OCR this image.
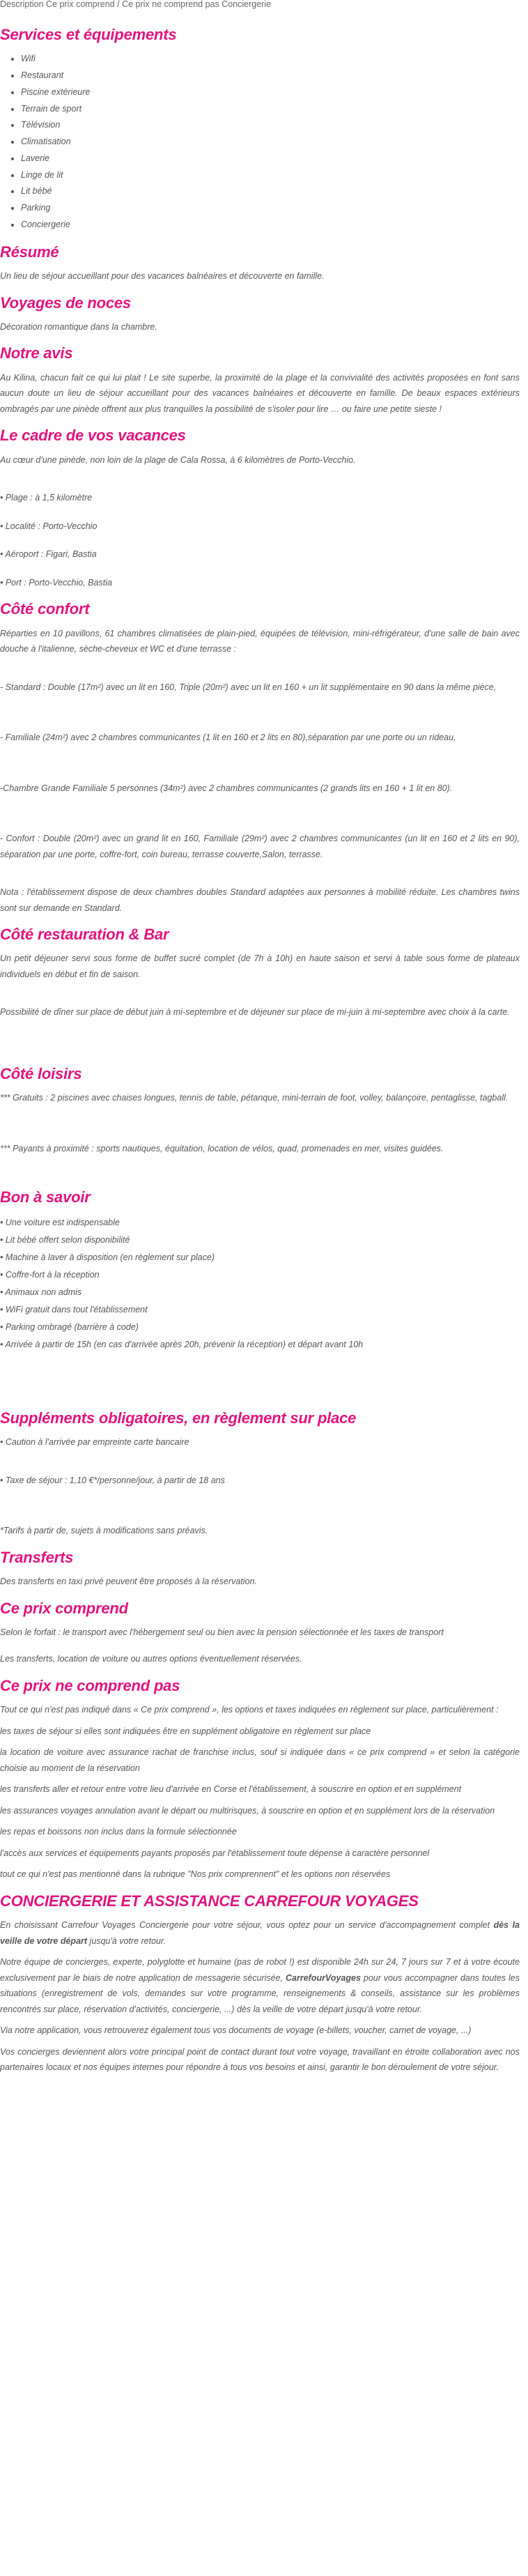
Description Ce prix comprend / Ce prix ne comprend pas Conciergerie
Services et équipements
• Wifi
• Restaurant
• Piscine extérieure
• Terrain de sport
• Télévision
• Climatisation
• Laverie
• Linge de lit
• Lit bébé
• Parking
• Conciergerie
Résumé

Un lieu de séjour accueillant pour des vacances balnéaires et découverte en famille.

Voyages de noces

Décoration romantique dans la chambre.

Notre avis

Au Kilina, chacun fait ce qui lui plait ! Le site superbe, la proximité de la plage et la convivialité des activités proposées en font sans aucun doute un lieu de séjour accueillant pour des vacances balnéaires et découverte en famille. De beaux espaces extérieurs ombragés par une pinède offrent aux plus tranquilles la possibilité de s'isoler pour lire … ou faire une petite sieste !

Le cadre de vos vacances

Au cœur d'une pinède, non loin de la plage de Cala Rossa, à 6 kilomètres de Porto-Vecchio.

• Plage : à 1,5 kilomètre

• Localité : Porto-Vecchio

• Aéroport : Figari, Bastia

• Port : Porto-Vecchio, Bastia

Côté confort

Réparties en 10 pavillons, 61 chambres climatisées de plain-pied, équipées de télévision, mini-réfrigérateur, d'une salle de bain avec douche à l'italienne, sèche-cheveux et WC et d'une terrasse :

- Standard : Double (17m²) avec un lit en 160, Triple (20m²) avec un lit en 160 + un lit supplémentaire en 90 dans la même pièce,

- Familiale (24m²) avec 2 chambres communicantes (1 lit en 160 et 2 lits en 80),séparation par une porte ou un rideau,

-Chambre Grande Familiale 5 personnes (34m²) avec 2 chambres communicantes (2 grands lits en 160 + 1 lit en 80).

- Confort : Double (20m²) avec un grand lit en 160, Familiale (29m²) avec 2 chambres communicantes (un lit en 160 et 2 lits en 90), séparation par une porte, coffre-fort, coin bureau, terrasse couverte,Salon, terrasse.

Nota : l'établissement dispose de deux chambres doubles Standard adaptées aux personnes à mobilité réduite. Les chambres twins sont sur demande en Standard.

Côté restauration & Bar

Un petit déjeuner servi sous forme de buffet sucré complet (de 7h à 10h) en haute saison et servi à table sous forme de plateaux individuels en début et fin de saison.

Possibilité de dîner sur place de début juin à mi-septembre et de déjeuner sur place de mi-juin à mi-septembre avec choix à la carte.

Côté loisirs

*** Gratuits : 2 piscines avec chaises longues, tennis de table, pétanque, mini-terrain de foot, volley, balançoire, pentaglisse, tagball.

*** Payants à proximité : sports nautiques, équitation, location de vélos, quad, promenades en mer, visites guidées.

Bon à savoir

• Une voiture est indispensable

• Lit bébé offert selon disponibilité

• Machine à laver à disposition (en règlement sur place)

• Coffre-fort à la réception

• Animaux non admis

• WiFi gratuit dans tout l'établissement

• Parking ombragé (barrière à code)

• Arrivée à partir de 15h (en cas d'arrivée après 20h, prévenir la réception) et départ avant 10h

Suppléments obligatoires, en règlement sur place

• Caution à l'arrivée par empreinte carte bancaire

• Taxe de séjour : 1,10 €*/personne/jour, à partir de 18 ans

*Tarifs à partir de, sujets à modifications sans préavis.

Transferts

Des transferts en taxi privé peuvent être proposés à la réservation.

Ce prix comprend

Selon le forfait : le transport avec l'hébergement seul ou bien avec la pension sélectionnée et les taxes de transport

Les transferts, location de voiture ou autres options éventuellement réservées.

Ce prix ne comprend pas

Tout ce qui n'est pas indiqué dans « Ce prix comprend », les options et taxes indiquées en règlement sur place, particulièrement :

les taxes de séjour si elles sont indiquées être en supplément obligatoire en règlement sur place

la location de voiture avec assurance rachat de franchise inclus, souf si indiquée dans « ce prix comprend » et selon la catégorie choisie au moment de la réservation

les transferts aller et retour entre votre lieu d'arrivée en Corse et l'établissement, à souscrire en option et en supplément

les assurances voyages annulation avant le départ ou multirisques, à souscrire en option et en supplément lors de la réservation

les repas et boissons non inclus dans la formule sélectionnée

l'accès aux services et équipements payants proposés par l'établissement toute dépense à caractère personnel

tout ce qui n'est pas mentionné dans la rubrique "Nos prix comprennent" et les options non réservées

CONCIERGERIE ET ASSISTANCE CARREFOUR VOYAGES

En choisissant Carrefour Voyages Conciergerie pour votre séjour, vous optez pour un service d'accompagnement complet dès la veille de votre départ jusqu'à votre retour.

Notre équipe de concierges, experte, polyglotte et humaine (pas de robot !) est disponible 24h sur 24, 7 jours sur 7 et à votre écoute exclusivement par le biais de notre application de messagerie sécurisée, CarrefourVoyages pour vous accompagner dans toutes les situations (enregistrement de vols, demandes sur votre programme, renseignements & conseils, assistance sur les problèmes rencontrés sur place, réservation d'activités, conciergerie, ...) dès la veille de votre départ jusqu'à votre retour.

Via notre application, vous retrouverez également tous vos documents de voyage (e-billets, voucher, carnet de voyage, ...)

Vos concierges deviennent alors votre principal point de contact durant tout votre voyage, travaillant en étroite collaboration avec nos partenaires locaux et nos équipes internes pour répondre à tous vos besoins et ainsi, garantir le bon déroulement de votre séjour.
